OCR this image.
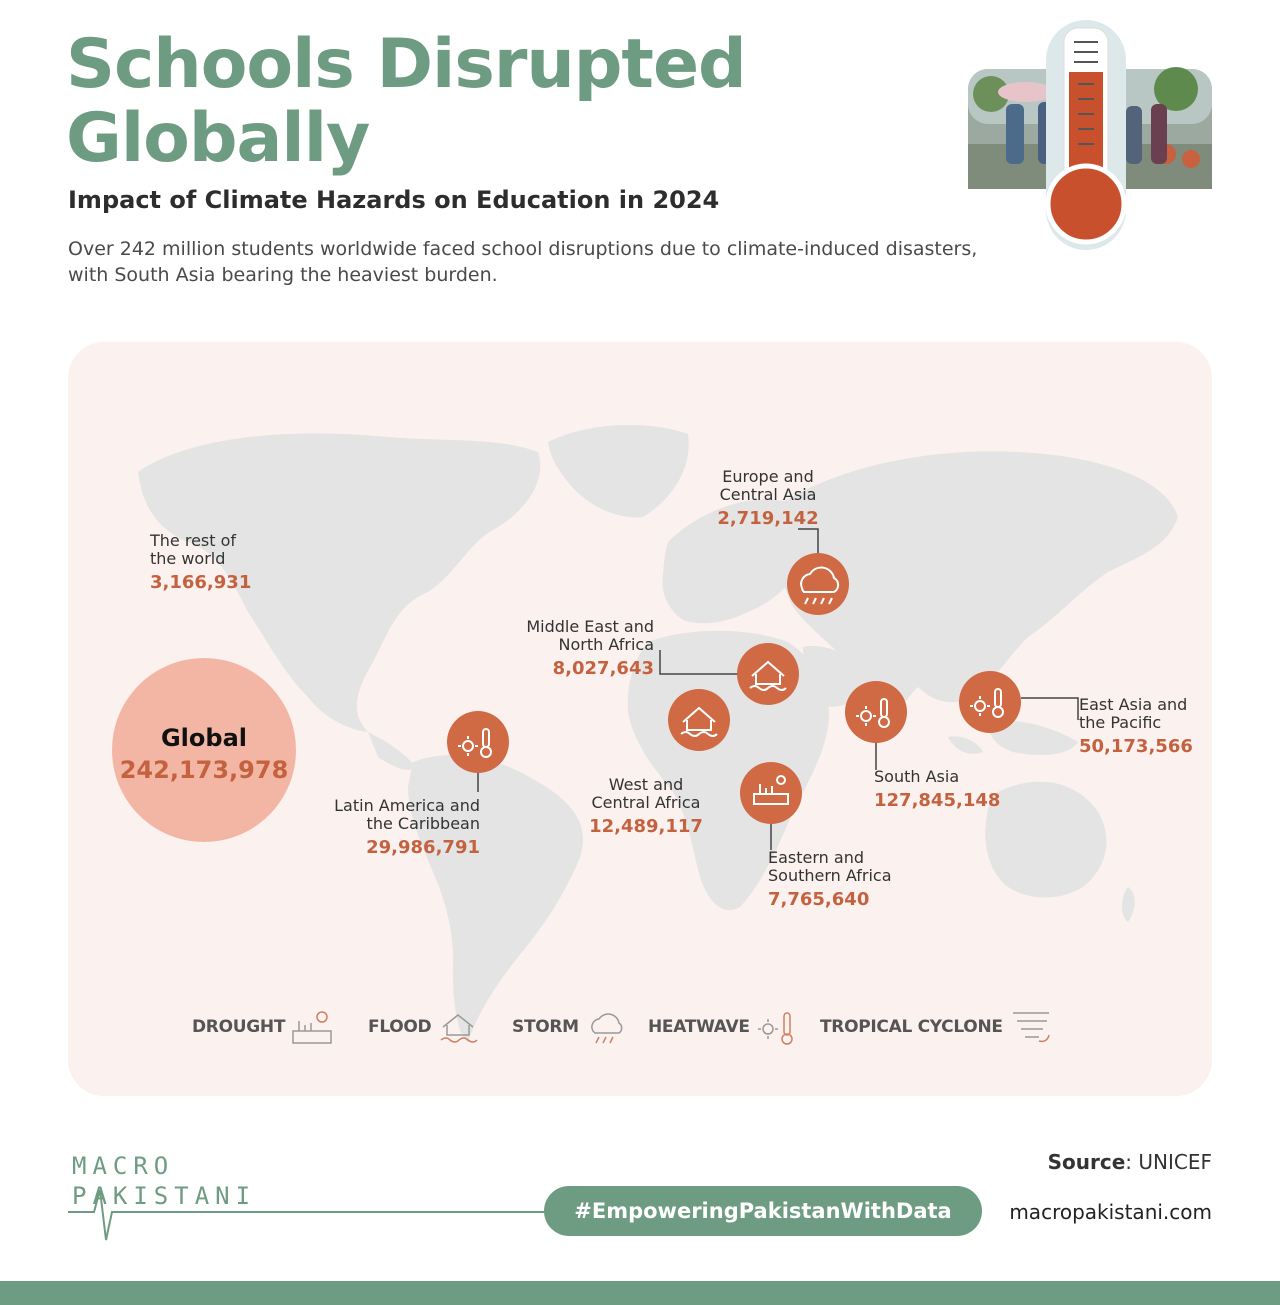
Schools Disrupted
Globally
Impact of Climate Hazards on Education in 2024

Over 242 million students worldwide faced school disruptions due to climate-induced disasters, with South Asia bearing the heaviest burden.

The rest of
the world
3,166,931
Europe and
Central Asia
2,719,142
Middle East and
North Africa
8,027,643
West and
Central Africa
12,489,117
Eastern and
Southern Africa
7,765,640
South Asia
127,845,148
East Asia and
the Pacific
50,173,566
Latin America and
the Caribbean
29,986,791
Global
242,173,978
DROUGHT	FLOOD	STORM	HEATWAVE	TROPICAL CYCLONE
MACRO
PAKISTANI
Source: UNICEF
#EmpoweringPakistanWithData	macropakistani.com
